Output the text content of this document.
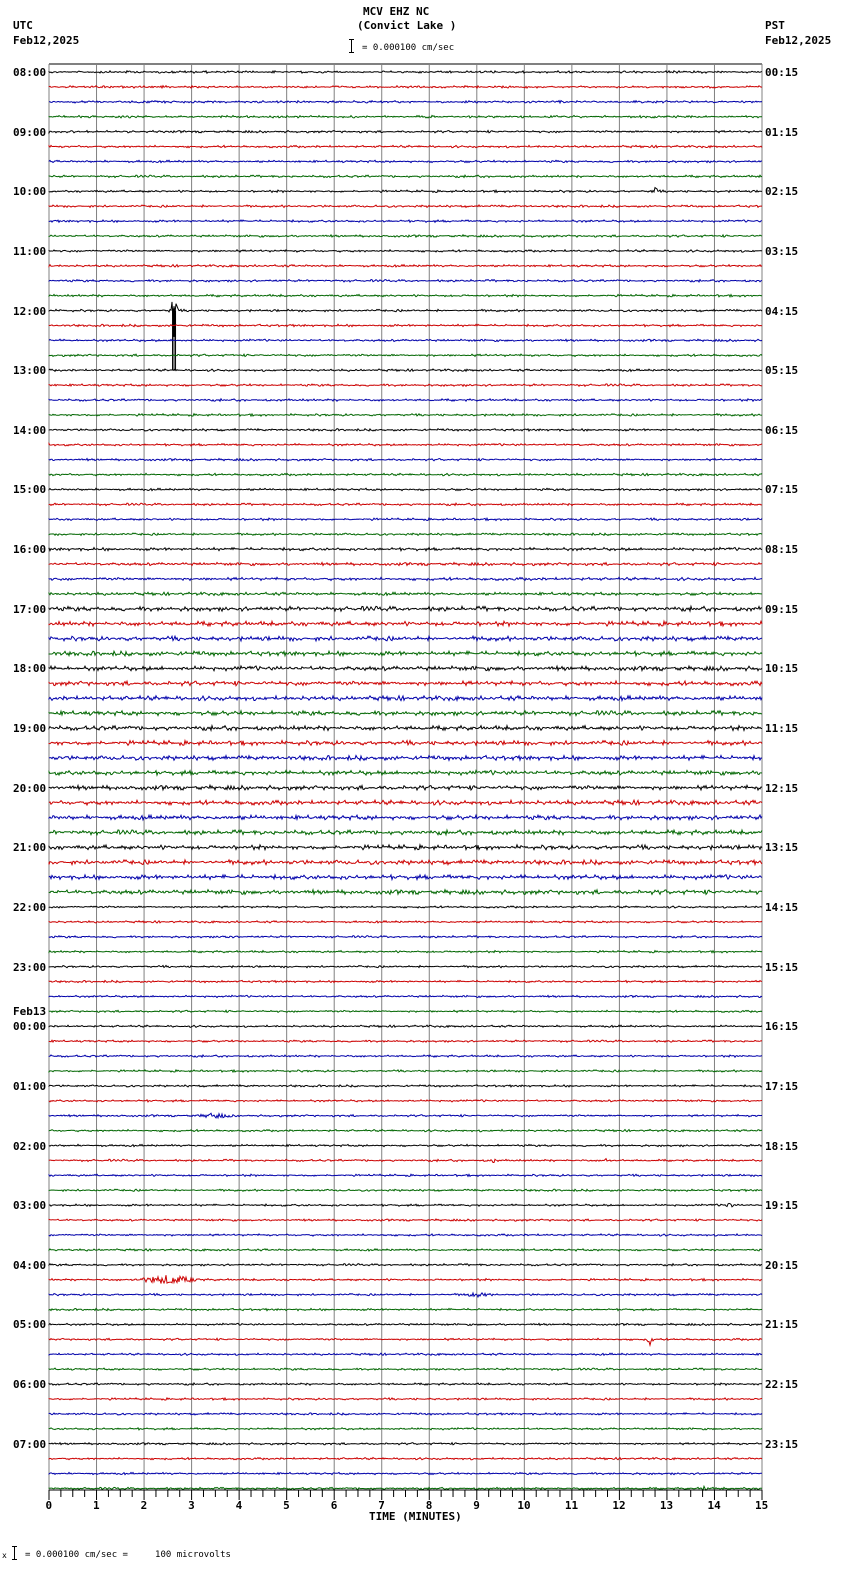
MCV EHZ NC
(Convict Lake )
UTC
Feb12,2025
PST
Feb12,2025
= 0.000100 cm/sec
08:00
09:00
10:00
11:00
12:00
13:00
14:00
15:00
16:00
17:00
18:00
19:00
20:00
21:00
22:00
23:00
Feb13
00:00
01:00
02:00
03:00
04:00
05:00
06:00
07:00
00:15
01:15
02:15
03:15
04:15
05:15
06:15
07:15
08:15
09:15
10:15
11:15
12:15
13:15
14:15
15:15
16:15
17:15
18:15
19:15
20:15
21:15
22:15
23:15
0	1	2	3	4	5	6	7	8	9	10	11	12	13	14	15
TIME (MINUTES)
x = 0.000100 cm/sec =     100 microvolts
